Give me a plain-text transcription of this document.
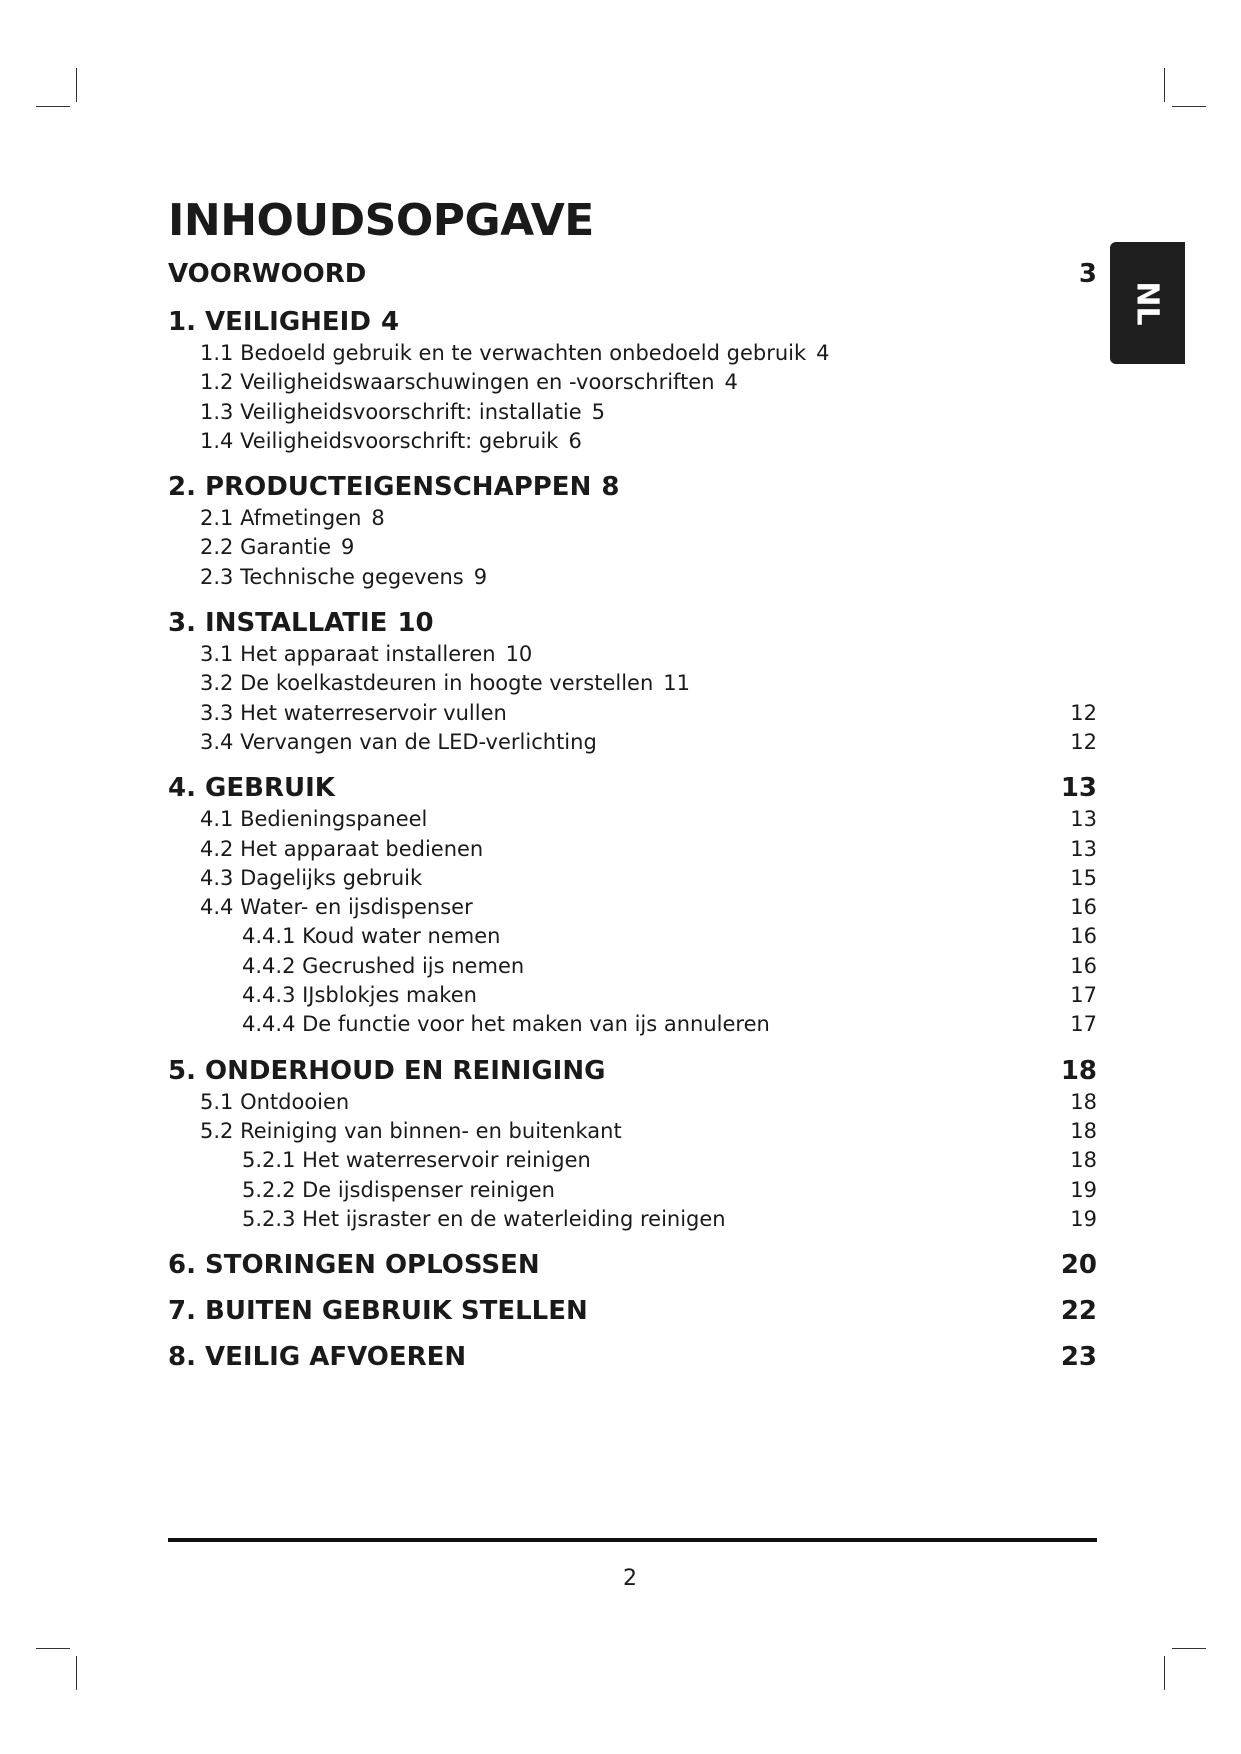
INHOUDSOPGAVE
NL
VOORWOORD	3
1. VEILIGHEID 4
1.1 Bedoeld gebruik en te verwachten onbedoeld gebruik 4
1.2 Veiligheidswaarschuwingen en -voorschriften 4
1.3 Veiligheidsvoorschrift: installatie 5
1.4 Veiligheidsvoorschrift: gebruik 6
2. PRODUCTEIGENSCHAPPEN 8
2.1 Afmetingen 8
2.2 Garantie 9
2.3 Technische gegevens 9
3. INSTALLATIE 10
3.1 Het apparaat installeren 10
3.2 De koelkastdeuren in hoogte verstellen 11
3.3 Het waterreservoir vullen	12
3.4 Vervangen van de LED-verlichting	12
4. GEBRUIK	13
4.1 Bedieningspaneel	13
4.2 Het apparaat bedienen	13
4.3 Dagelijks gebruik	15
4.4 Water- en ijsdispenser	16
4.4.1 Koud water nemen	16
4.4.2 Gecrushed ijs nemen	16
4.4.3 IJsblokjes maken	17
4.4.4 De functie voor het maken van ijs annuleren	17
5. ONDERHOUD EN REINIGING	18
5.1 Ontdooien	18
5.2 Reiniging van binnen- en buitenkant	18
5.2.1 Het waterreservoir reinigen	18
5.2.2 De ijsdispenser reinigen	19
5.2.3 Het ijsraster en de waterleiding reinigen	19
6. STORINGEN OPLOSSEN	20
7. BUITEN GEBRUIK STELLEN	22
8. VEILIG AFVOEREN	23
2
